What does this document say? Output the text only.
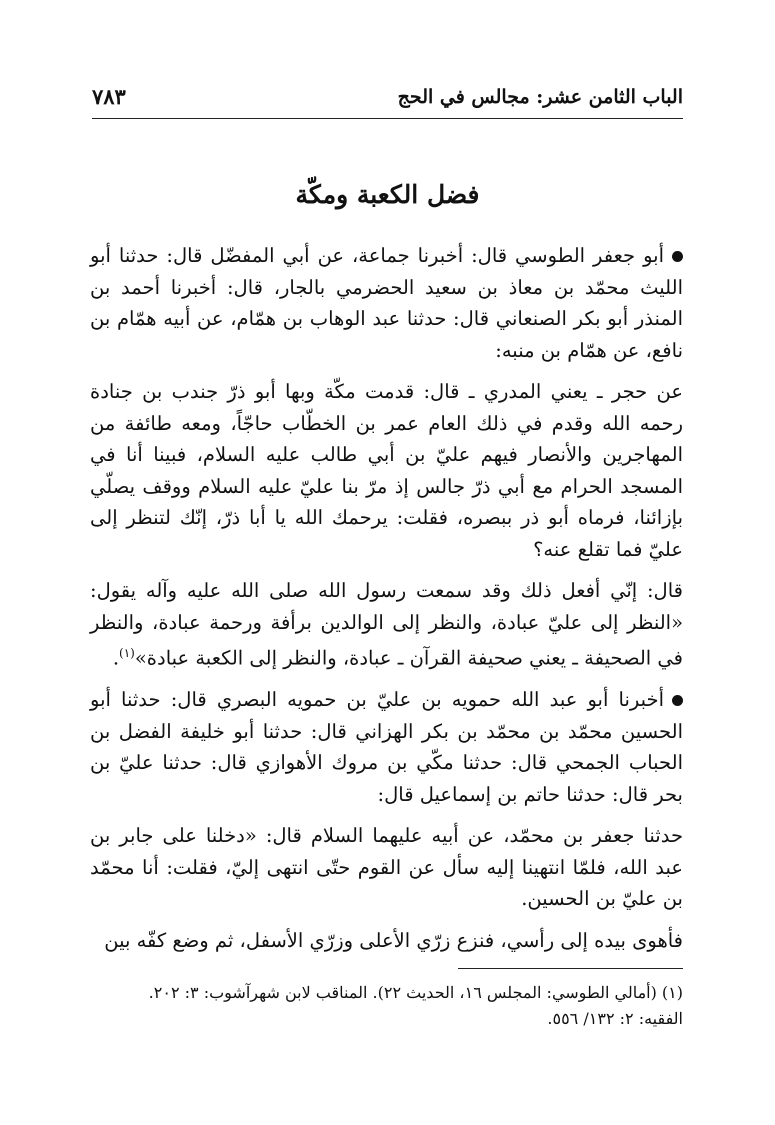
الباب الثامن عشر: مجالس في الحج
٧٨٣
فضل الكعبة ومكّة

أبو جعفر الطوسي قال: أخبرنا جماعة، عن أبي المفضّل قال: حدثنا أبو الليث محمّد بن معاذ بن سعيد الحضرمي بالجار، قال: أخبرنا أحمد بن المنذر أبو بكر الصنعاني قال: حدثنا عبد الوهاب بن همّام، عن أبيه همّام بن نافع، عن همّام بن منبه:

عن حجر ـ يعني المدري ـ قال: قدمت مكّة وبها أبو ذرّ جندب بن جنادة رحمه الله وقدم في ذلك العام عمر بن الخطّاب حاجّاً، ومعه طائفة من المهاجرين والأنصار فيهم عليّ بن أبي طالب عليه السلام، فبينا أنا في المسجد الحرام مع أبي ذرّ جالس إذ مرّ بنا عليّ عليه السلام ووقف يصلّي بإزائنا، فرماه أبو ذر ببصره، فقلت: يرحمك الله يا أبا ذرّ، إنّك لتنظر إلى عليّ فما تقلع عنه؟

قال: إنّي أفعل ذلك وقد سمعت رسول الله صلى الله عليه وآله يقول: «النظر إلى عليّ عبادة، والنظر إلى الوالدين برأفة ورحمة عبادة، والنظر في الصحيفة ـ يعني صحيفة القرآن ـ عبادة، والنظر إلى الكعبة عبادة»$^{(١)}$.

أخبرنا أبو عبد الله حمويه بن عليّ بن حمويه البصري قال: حدثنا أبو الحسين محمّد بن محمّد بن بكر الهزاني قال: حدثنا أبو خليفة الفضل بن الحباب الجمحي قال: حدثنا مكّي بن مروك الأهوازي قال: حدثنا عليّ بن بحر قال: حدثنا حاتم بن إسماعيل قال:

حدثنا جعفر بن محمّد، عن أبيه عليهما السلام قال: «دخلنا على جابر بن عبد الله، فلمّا انتهينا إليه سأل عن القوم حتّى انتهى إليّ، فقلت: أنا محمّد بن عليّ بن الحسين.

فأهوى بيده إلى رأسي، فنزع زرّي الأعلى وزرّي الأسفل، ثم وضع كفّه بين

(١) (أمالي الطوسي: المجلس ١٦، الحديث ٢٢). المناقب لابن شهرآشوب: ٣: ٢٠٢.
الفقيه: ٢: ١٣٢/ ٥٥٦.
